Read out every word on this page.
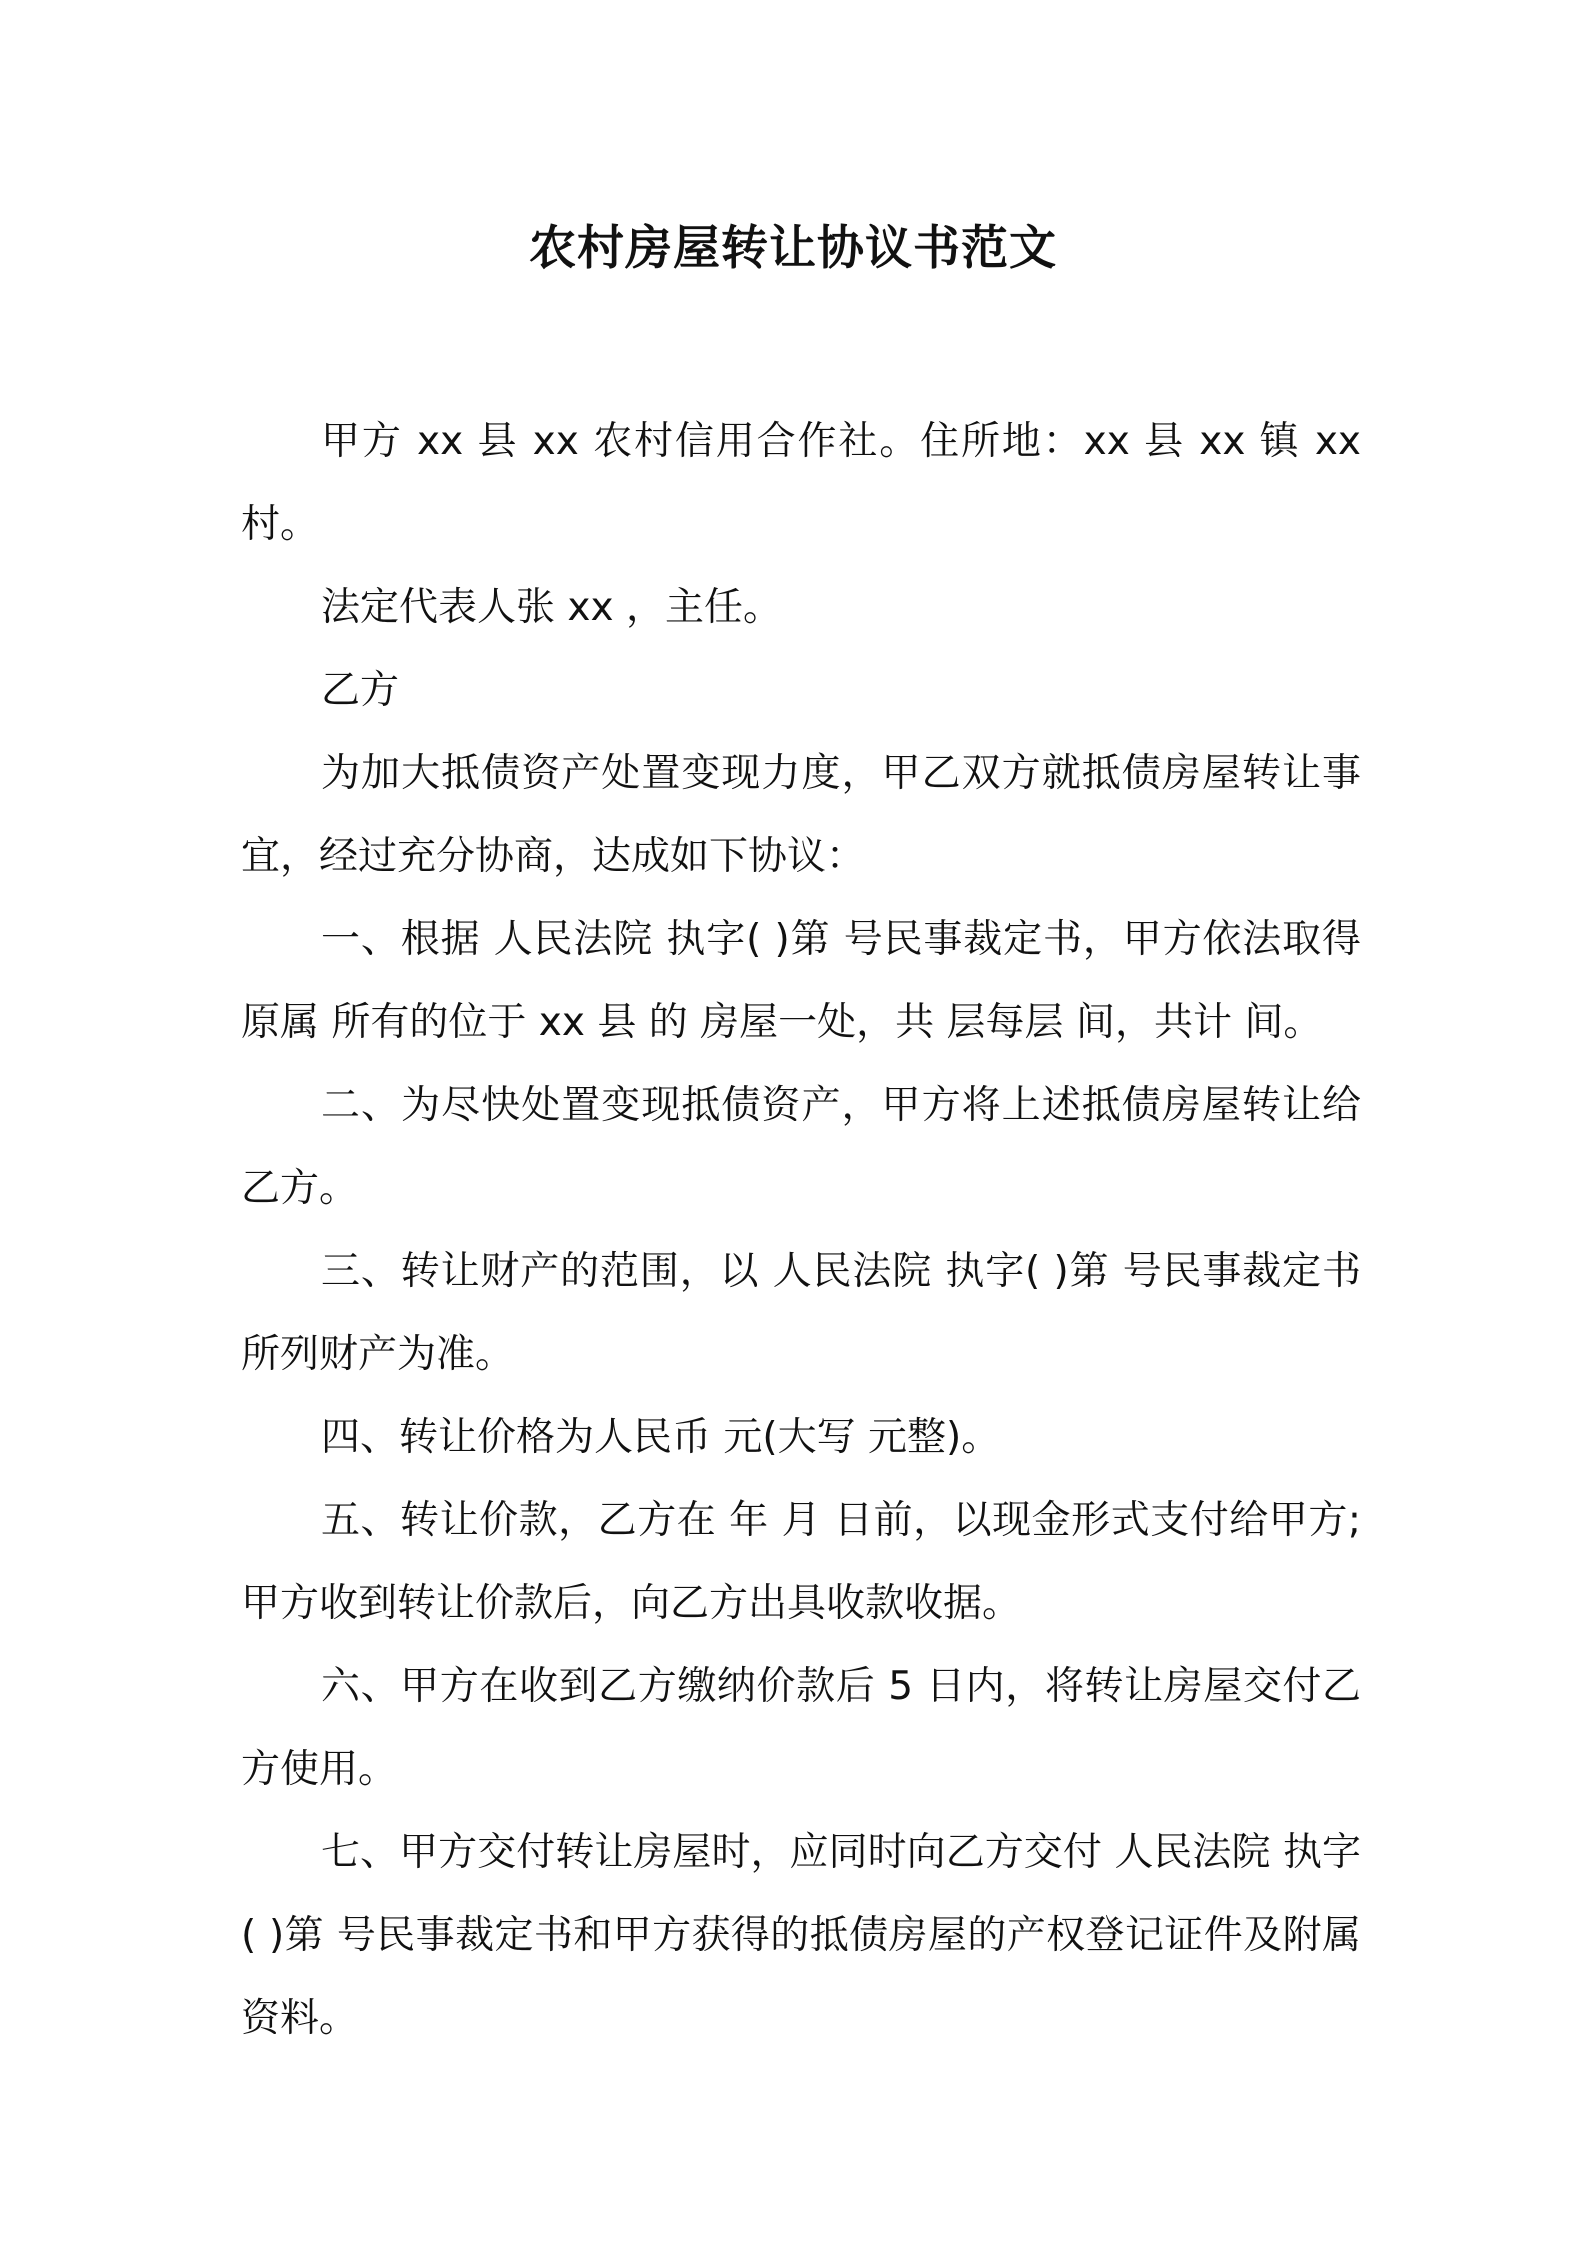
农村房屋转让协议书范文

甲方 xx 县 xx 农村信用合作社。住所地：xx 县 xx 镇 xx 村。

法定代表人张 xx ，主任。

乙方

为加大抵债资产处置变现力度，甲乙双方就抵债房屋转让事宜，经过充分协商，达成如下协议：

一、根据 人民法院 执字( )第 号民事裁定书，甲方依法取得原属 所有的位于 xx 县 的 房屋一处，共 层每层 间，共计 间。

二、为尽快处置变现抵债资产，甲方将上述抵债房屋转让给乙方。

三、转让财产的范围，以 人民法院 执字( )第 号民事裁定书所列财产为准。

四、转让价格为人民币 元(大写 元整)。

五、转让价款，乙方在 年 月 日前，以现金形式支付给甲方;甲方收到转让价款后，向乙方出具收款收据。

六、甲方在收到乙方缴纳价款后 5 日内，将转让房屋交付乙方使用。

七、甲方交付转让房屋时，应同时向乙方交付 人民法院 执字( )第 号民事裁定书和甲方获得的抵债房屋的产权登记证件及附属资料。
